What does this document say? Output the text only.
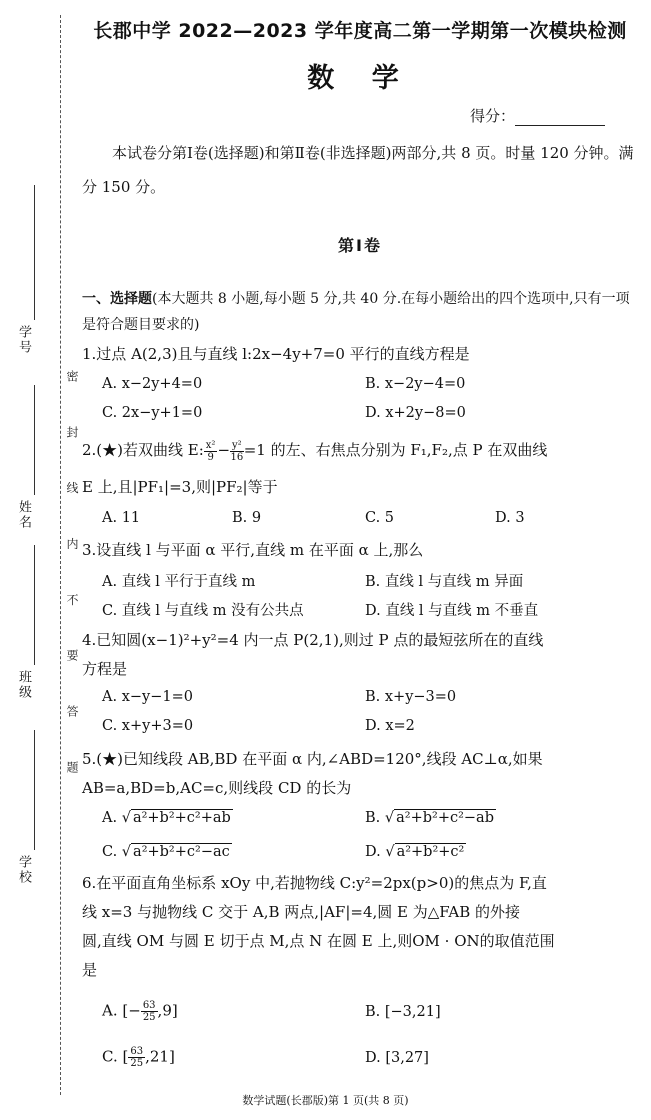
学号
姓名
班级
学校
密 封 线 内 不 要 答 题
长郡中学 2022—2023 学年度高二第一学期第一次模块检测
数 学
得分：
本试卷分第Ⅰ卷(选择题)和第Ⅱ卷(非选择题)两部分,共 8 页。时量 120 分钟。满分 150 分。
第Ⅰ卷
一、选择题(本大题共 8 小题,每小题 5 分,共 40 分.在每小题给出的四个选项中,只有一项是符合题目要求的)
1.过点 A(2,3)且与直线 l:2x−4y+7=0 平行的直线方程是
A. x−2y+4=0	B. x−2y−4=0
C. 2x−y+1=0	D. x+2y−8=0
2.(★)若双曲线 E: $\frac{\text{x²}}{9} - \frac{\text{y²}}{16} =1$ 的左、右焦点分别为 F₁,F₂,点 P 在双曲线
E 上,且|PF₁|=3,则|PF₂|等于
A. 11	B. 9	C. 5	D. 3
3.设直线 l 与平面 α 平行,直线 m 在平面 α 上,那么
A. 直线 l 平行于直线 m	B. 直线 l 与直线 m 异面
C. 直线 l 与直线 m 没有公共点	D. 直线 l 与直线 m 不垂直
4.已知圆(x−1)²+y²=4 内一点 P(2,1),则过 P 点的最短弦所在的直线
方程是
A. x−y−1=0	B. x+y−3=0
C. x+y+3=0	D. x=2
5.(★)已知线段 AB,BD 在平面 α 内,∠ABD=120°,线段 AC⊥α,如果
AB=a,BD=b,AC=c,则线段 CD 的长为
A. √ a²+b²+c²+ab	B. √ a²+b²+c²−ab
C. √ a²+b²+c²−ac	D. √ a²+b²+c²
6.在平面直角坐标系 xOy 中,若抛物线 C:y²=2px(p>0)的焦点为 F,直
线 x=3 与抛物线 C 交于 A,B 两点,|AF|=4,圆 E 为△FAB 的外接
圆,直线 OM 与圆 E 切于点 M,点 N 在圆 E 上,则OM · ON的取值范围
是
A. [− $\frac{63}{25} ,9$]	B. [−3,21]
C. [ $\frac{63}{25} ,21$]	D. [3,27]
数学试题(长郡版)第 1 页(共 8 页)
